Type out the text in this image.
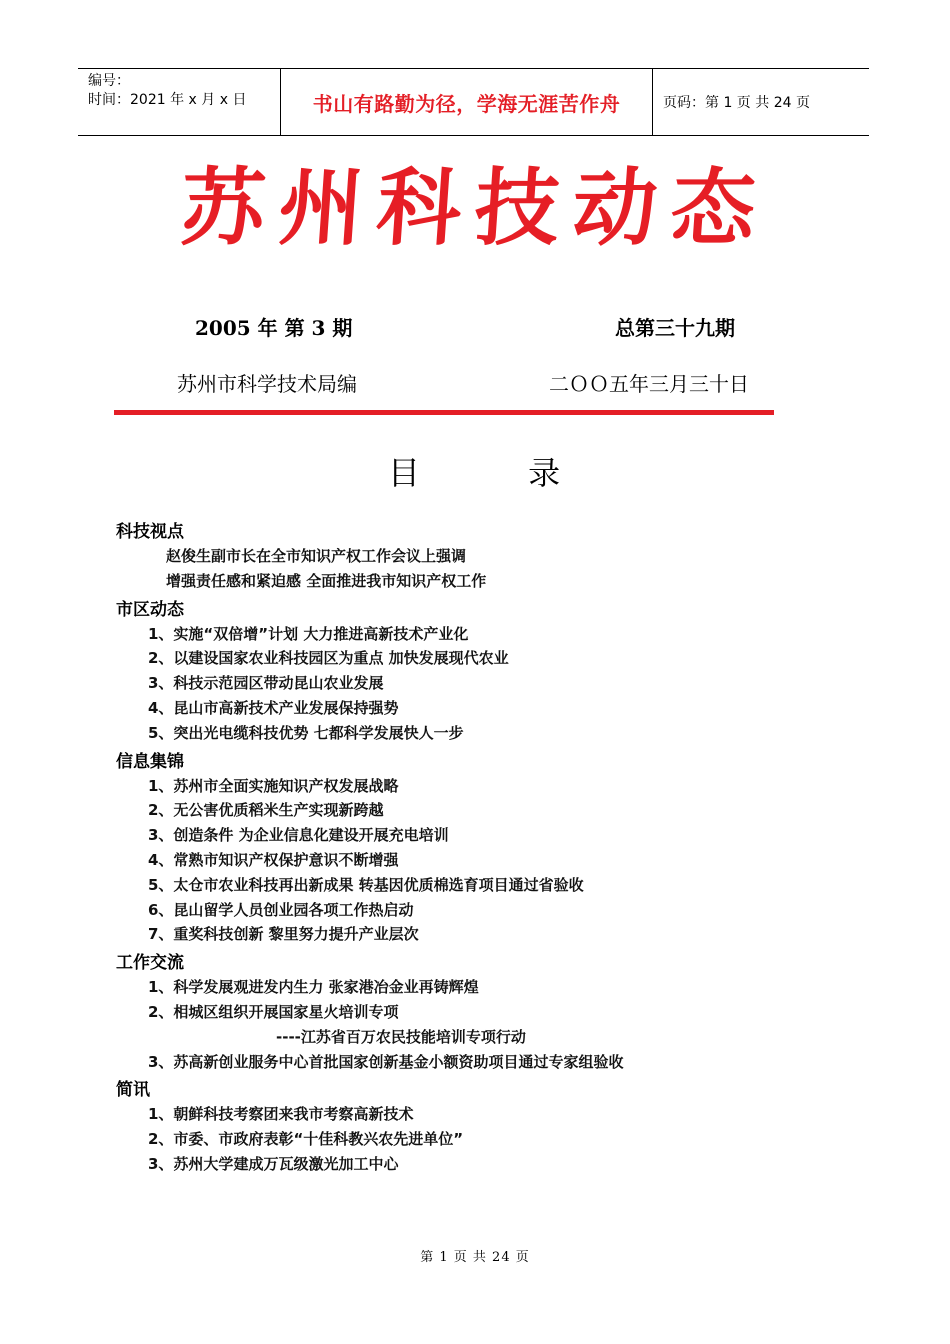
编号：
时间：2021 年 x 月 x 日	书山有路勤为径，学海无涯苦作舟	页码：第 1 页 共 24 页
苏州科技动态
2005 年 第 3 期	总第三十九期
苏州市科学技术局编	二ＯＯ五年三月三十日
目	录
科技视点
赵俊生副市长在全市知识产权工作会议上强调
增强责任感和紧迫感 全面推进我市知识产权工作
市区动态
1、实施“双倍增”计划 大力推进高新技术产业化
2、以建设国家农业科技园区为重点 加快发展现代农业
3、科技示范园区带动昆山农业发展
4、昆山市高新技术产业发展保持强势
5、突出光电缆科技优势 七都科学发展快人一步
信息集锦
1、苏州市全面实施知识产权发展战略
2、无公害优质稻米生产实现新跨越
3、创造条件 为企业信息化建设开展充电培训
4、常熟市知识产权保护意识不断增强
5、太仓市农业科技再出新成果 转基因优质棉选育项目通过省验收
6、昆山留学人员创业园各项工作热启动
7、重奖科技创新 黎里努力提升产业层次
工作交流
1、科学发展观进发内生力 张家港冶金业再铸辉煌
2、相城区组织开展国家星火培训专项
----江苏省百万农民技能培训专项行动
3、苏高新创业服务中心首批国家创新基金小额资助项目通过专家组验收
简讯
1、朝鲜科技考察团来我市考察高新技术
2、市委、市政府表彰“十佳科教兴农先进单位”
3、苏州大学建成万瓦级激光加工中心
第 1 页 共 24 页
